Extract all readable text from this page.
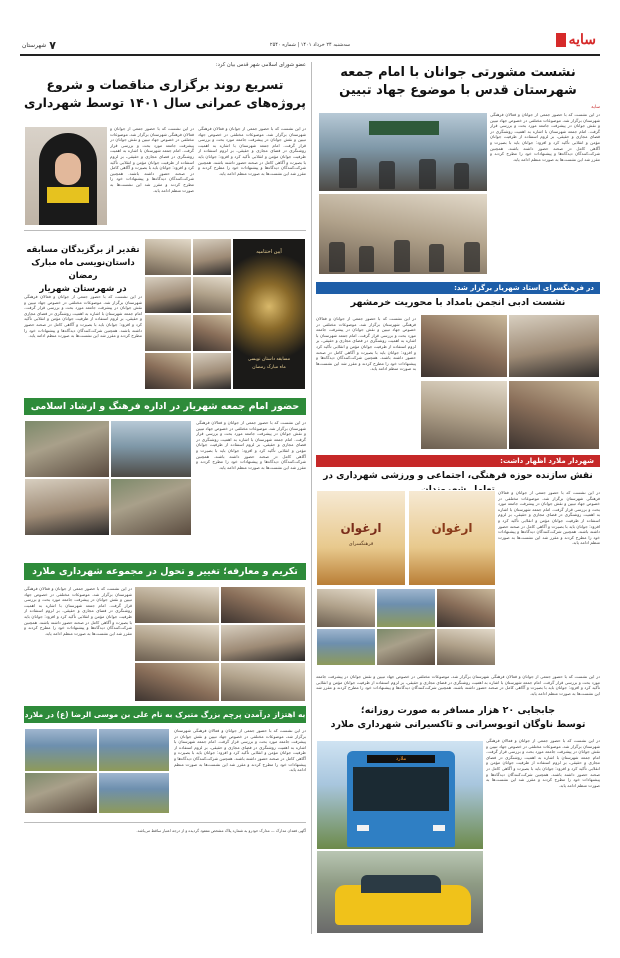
سایه
سه‌شنبه ۲۴ خرداد ۱۴۰۱ | شماره ۲۵۴۰
۷
شهرستان
نشست مشورتی جوانان با امام جمعه
شهرستان قدس با موضوع جهاد تبیین
سایه
در این نشست که با حضور جمعی از جوانان و فعالان فرهنگی شهرستان برگزار شد، موضوعات مختلفی در خصوص جهاد تبیین و نقش جوانان در پیشرفت جامعه مورد بحث و بررسی قرار گرفت. امام جمعه شهرستان با اشاره به اهمیت روشنگری در فضای مجازی و حقیقی، بر لزوم استفاده از ظرفیت جوانان مؤمن و انقلابی تأکید کرد و افزود: جوانان باید با بصیرت و آگاهی کامل در صحنه حضور داشته باشند. همچنین شرکت‌کنندگان دیدگاه‌ها و پیشنهادات خود را مطرح کردند و مقرر شد این نشست‌ها به صورت منظم ادامه یابد.
در فرهنگسرای استاد شهریار برگزار شد:
نشست ادبی انجمن بامداد با محوریت خرمشهر
در این نشست که با حضور جمعی از جوانان و فعالان فرهنگی شهرستان برگزار شد، موضوعات مختلفی در خصوص جهاد تبیین و نقش جوانان در پیشرفت جامعه مورد بحث و بررسی قرار گرفت. امام جمعه شهرستان با اشاره به اهمیت روشنگری در فضای مجازی و حقیقی، بر لزوم استفاده از ظرفیت جوانان مؤمن و انقلابی تأکید کرد و افزود: جوانان باید با بصیرت و آگاهی کامل در صحنه حضور داشته باشند. همچنین شرکت‌کنندگان دیدگاه‌ها و پیشنهادات خود را مطرح کردند و مقرر شد این نشست‌ها به صورت منظم ادامه یابد.
شهردار ملارد اظهار داشت:
نقش سازنده حوزه فرهنگی، اجتماعی و ورزشی شهرداری در
در این نشست که با حضور جمعی از جوانان و فعالان فرهنگی شهرستان برگزار شد، موضوعات مختلفی در خصوص جهاد تبیین و نقش جوانان در پیشرفت جامعه مورد بحث و بررسی قرار گرفت. امام جمعه شهرستان با اشاره به اهمیت روشنگری در فضای مجازی و حقیقی، بر لزوم استفاده از ظرفیت جوانان مؤمن و انقلابی تأکید کرد و افزود: جوانان باید با بصیرت و آگاهی کامل در صحنه حضور داشته باشند. همچنین شرکت‌کنندگان دیدگاه‌ها و پیشنهادات خود را مطرح کردند و مقرر شد این نشست‌ها به صورت منظم ادامه یابد.
ارغوان
فرهنگسرای
ارغوان
در این نشست که با حضور جمعی از جوانان و فعالان فرهنگی شهرستان برگزار شد، موضوعات مختلفی در خصوص جهاد تبیین و نقش جوانان در پیشرفت جامعه مورد بحث و بررسی قرار گرفت. امام جمعه شهرستان با اشاره به اهمیت روشنگری در فضای مجازی و حقیقی، بر لزوم استفاده از ظرفیت جوانان مؤمن و انقلابی تأکید کرد و افزود: جوانان باید با بصیرت و آگاهی کامل در صحنه حضور داشته باشند. همچنین شرکت‌کنندگان دیدگاه‌ها و پیشنهادات خود را مطرح کردند و مقرر شد این نشست‌ها به صورت منظم ادامه یابد.
جابجایی ۲۰ هزار مسافر به صورت روزانه؛
توسط ناوگان اتوبوسرانی و تاکسیرانی شهرداری ملارد
در این نشست که با حضور جمعی از جوانان و فعالان فرهنگی شهرستان برگزار شد، موضوعات مختلفی در خصوص جهاد تبیین و نقش جوانان در پیشرفت جامعه مورد بحث و بررسی قرار گرفت. امام جمعه شهرستان با اشاره به اهمیت روشنگری در فضای مجازی و حقیقی، بر لزوم استفاده از ظرفیت جوانان مؤمن و انقلابی تأکید کرد و افزود: جوانان باید با بصیرت و آگاهی کامل در صحنه حضور داشته باشند. همچنین شرکت‌کنندگان دیدگاه‌ها و پیشنهادات خود را مطرح کردند و مقرر شد این نشست‌ها به صورت منظم ادامه یابد.
ملارد
عضو شورای اسلامی شهر قدس بیان کرد:
تسریع روند برگزاری مناقصات و شروع
پروژه‌های عمرانی سال ۱۴۰۱ توسط شهرداری
در این نشست که با حضور جمعی از جوانان و فعالان فرهنگی شهرستان برگزار شد، موضوعات مختلفی در خصوص جهاد تبیین و نقش جوانان در پیشرفت جامعه مورد بحث و بررسی قرار گرفت. امام جمعه شهرستان با اشاره به اهمیت روشنگری در فضای مجازی و حقیقی، بر لزوم استفاده از ظرفیت جوانان مؤمن و انقلابی تأکید کرد و افزود: جوانان باید با بصیرت و آگاهی کامل در صحنه حضور داشته باشند. همچنین شرکت‌کنندگان دیدگاه‌ها و پیشنهادات خود را مطرح کردند و مقرر شد این نشست‌ها به صورت منظم ادامه یابد.
در این نشست که با حضور جمعی از جوانان و فعالان فرهنگی شهرستان برگزار شد، موضوعات مختلفی در خصوص جهاد تبیین و نقش جوانان در پیشرفت جامعه مورد بحث و بررسی قرار گرفت. امام جمعه شهرستان با اشاره به اهمیت روشنگری در فضای مجازی و حقیقی، بر لزوم استفاده از ظرفیت جوانان مؤمن و انقلابی تأکید کرد و افزود: جوانان باید با بصیرت و آگاهی کامل در صحنه حضور داشته باشند. همچنین شرکت‌کنندگان دیدگاه‌ها و پیشنهادات خود را مطرح کردند و مقرر شد این نشست‌ها به صورت منظم ادامه یابد.
تقدیر از برگزیدگان مسابقه
داستان‌نویسی ماه مبارک رمضان
در شهرستان شهریار
در این نشست که با حضور جمعی از جوانان و فعالان فرهنگی شهرستان برگزار شد، موضوعات مختلفی در خصوص جهاد تبیین و نقش جوانان در پیشرفت جامعه مورد بحث و بررسی قرار گرفت. امام جمعه شهرستان با اشاره به اهمیت روشنگری در فضای مجازی و حقیقی، بر لزوم استفاده از ظرفیت جوانان مؤمن و انقلابی تأکید کرد و افزود: جوانان باید با بصیرت و آگاهی کامل در صحنه حضور داشته باشند. همچنین شرکت‌کنندگان دیدگاه‌ها و پیشنهادات خود را مطرح کردند و مقرر شد این نشست‌ها به صورت منظم ادامه یابد.
آیین اختتامیه
مسابقه داستان نویسی
ماه مبارک رمضان
حضور امام جمعه شهریار در اداره فرهنگ و ارشاد اسلامی
در این نشست که با حضور جمعی از جوانان و فعالان فرهنگی شهرستان برگزار شد، موضوعات مختلفی در خصوص جهاد تبیین و نقش جوانان در پیشرفت جامعه مورد بحث و بررسی قرار گرفت. امام جمعه شهرستان با اشاره به اهمیت روشنگری در فضای مجازی و حقیقی، بر لزوم استفاده از ظرفیت جوانان مؤمن و انقلابی تأکید کرد و افزود: جوانان باید با بصیرت و آگاهی کامل در صحنه حضور داشته باشند. همچنین شرکت‌کنندگان دیدگاه‌ها و پیشنهادات خود را مطرح کردند و مقرر شد این نشست‌ها به صورت منظم ادامه یابد.
تکریم و معارفه؛ تغییر و تحول در مجموعه شهرداری ملارد
در این نشست که با حضور جمعی از جوانان و فعالان فرهنگی شهرستان برگزار شد، موضوعات مختلفی در خصوص جهاد تبیین و نقش جوانان در پیشرفت جامعه مورد بحث و بررسی قرار گرفت. امام جمعه شهرستان با اشاره به اهمیت روشنگری در فضای مجازی و حقیقی، بر لزوم استفاده از ظرفیت جوانان مؤمن و انقلابی تأکید کرد و افزود: جوانان باید با بصیرت و آگاهی کامل در صحنه حضور داشته باشند. همچنین شرکت‌کنندگان دیدگاه‌ها و پیشنهادات خود را مطرح کردند و مقرر شد این نشست‌ها به صورت منظم ادامه یابد.
به اهتزاز درآمدن پرچم بزرگ متبرک به نام علی بن موسی الرضا (ع) در ملارد
در این نشست که با حضور جمعی از جوانان و فعالان فرهنگی شهرستان برگزار شد، موضوعات مختلفی در خصوص جهاد تبیین و نقش جوانان در پیشرفت جامعه مورد بحث و بررسی قرار گرفت. امام جمعه شهرستان با اشاره به اهمیت روشنگری در فضای مجازی و حقیقی، بر لزوم استفاده از ظرفیت جوانان مؤمن و انقلابی تأکید کرد و افزود: جوانان باید با بصیرت و آگاهی کامل در صحنه حضور داشته باشند. همچنین شرکت‌کنندگان دیدگاه‌ها و پیشنهادات خود را مطرح کردند و مقرر شد این نشست‌ها به صورت منظم ادامه یابد.
آگهی فقدان مدارک — مدارک خودرو به شماره پلاک مشخص مفقود گردیده و از درجه اعتبار ساقط می‌باشد.
